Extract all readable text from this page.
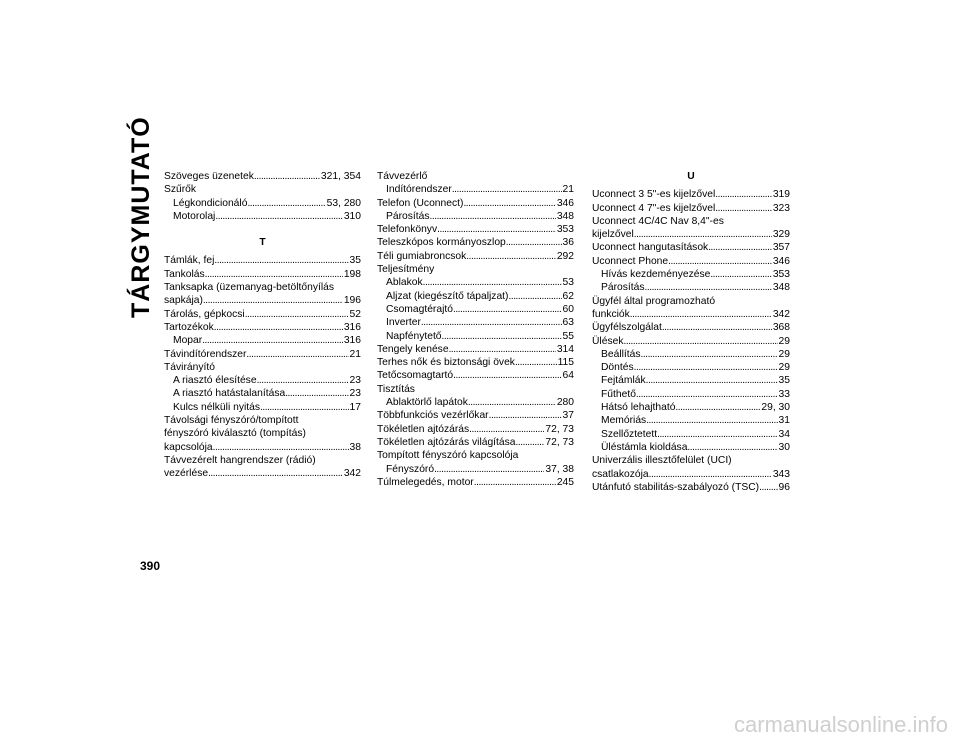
TÁRGYMUTATÓ Szöveges üzenetek . . .	321, 354
Szűrők
Légkondicionáló . . .	53, 280
Motorolaj . . .	310
T
Támlák, fej . . .	35
Tankolás . . .	198
Tanksapka (üzemanyag-betöltőnyílás
sapkája) . . .	196
Tárolás, gépkocsi . . .	52
Tartozékok . . .	316
Mopar . . .	316
Távindítórendszer . . .	21
Távirányító
A riasztó élesítése . . .	23
A riasztó hatástalanítása . . .	23
Kulcs nélküli nyitás . . .	17
Távolsági fényszóró/tompított
fényszóró kiválasztó (tompítás)
kapcsolója . . .	38
Távvezérelt hangrendszer (rádió)
vezérlése . . .	342
Távvezérlő
Indítórendszer . . .	21
Telefon (Uconnect) . . .	346
Párosítás . . .	348
Telefonkönyv . . .	353
Teleszkópos kormányoszlop . . .	36
Téli gumiabroncsok . . .	292
Teljesítmény
Ablakok . . .	53
Aljzat (kiegészítő tápaljzat) . . .	62
Csomagtérajtó . . .	60
Inverter . . .	63
Napfénytető . . .	55
Tengely kenése . . .	314
Terhes nők és biztonsági övek . . .	115
Tetőcsomagtartó . . .	64
Tisztítás
Ablaktörlő lapátok . . .	280
Többfunkciós vezérlőkar . . .	37
Tökéletlen ajtózárás . . .	72, 73
Tökéletlen ajtózárás világítása . . .	72, 73
Tompított fényszóró kapcsolója
Fényszóró . . .	37, 38
Túlmelegedés, motor . . .	245
U
Uconnect 3 5"-es kijelzővel . . .	319
Uconnect 4 7"-es kijelzővel . . .	323
Uconnect 4C/4C Nav 8,4"-es
kijelzővel . . .	329
Uconnect hangutasítások . . .	357
Uconnect Phone . . .	346
Hívás kezdeményezése . . .	353
Párosítás . . .	348
Ügyfél által programozható
funkciók . . .	342
Ügyfélszolgálat . . .	368
Ülések . . .	29
Beállítás . . .	29
Döntés . . .	29
Fejtámlák . . .	35
Fűthető . . .	33
Hátsó lehajtható . . .	29, 30
Memóriás . . .	31
Szellőztetett . . .	34
Üléstámla kioldása . . .	30
Univerzális illesztőfelület (UCI)
csatlakozója . . .	343
Utánfutó stabilitás-szabályozó (TSC) . . . 96
390
carmanualsonline.info
